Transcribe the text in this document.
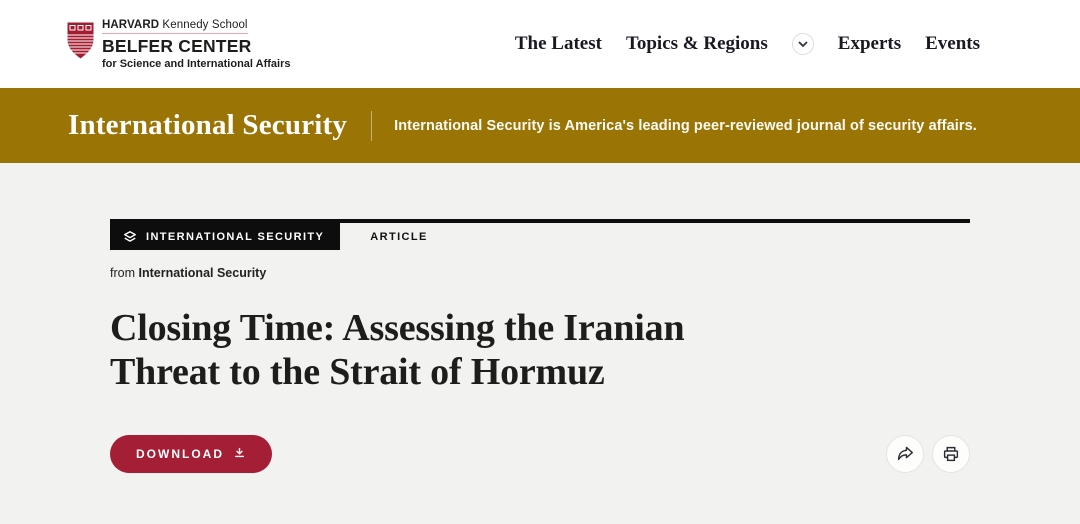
HARVARD Kennedy School
BELFER CENTER
for Science and International Affairs
The Latest Topics & Regions	Experts Events
International Security	International Security is America's leading peer-reviewed journal of security affairs.
INTERNATIONAL SECURITY	ARTICLE
from International Security
Closing Time: Assessing the Iranian
Threat to the Strait of Hormuz
DOWNLOAD
